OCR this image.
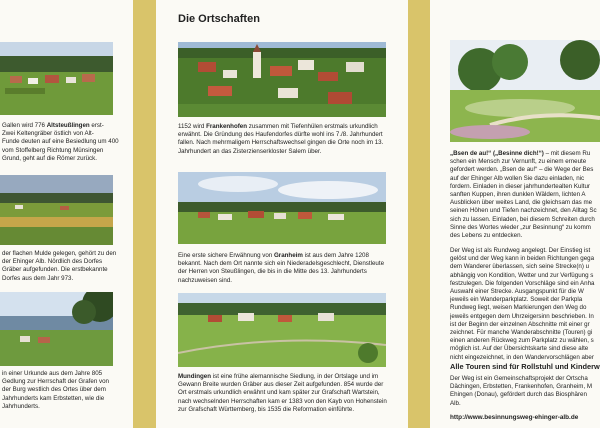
Gallen wird 776 Altsteußlingen erst-
Zwei Keltengräber östlich von Alt-
Funde deuten auf eine Besiedlung um 400
vom Stoffelberg Richtung Münsingen
Grund, geht auf die Römer zurück.

der flachen Mulde gelegen, gehört zu den
der Ehinger Alb. Nördlich des Dorfes
Gräber aufgefunden. Die erstbekannte
Dorfes aus dem Jahr 973.

in einer Urkunde aus dem Jahre 805
Gedlung zur Herrschaft der Grafen von
der Burg westlich des Ortes über dem
Jahrhunderts kam Erbstetten, wie die
Jahrhunderts.

Die Ortschaften

1152 wird Frankenhofen zusammen mit Tiefenhülen erstmals urkundlich erwähnt. Die Gründung des Haufendorfes dürfte wohl ins 7./8. Jahrhundert fallen. Nach mehrmaligem Herrschaftswechsel gingen die Orte noch im 13. Jahrhundert an das Zisterzienserkloster Salem über.

Eine erste sichere Erwähnung von Granheim ist aus dem Jahre 1208 bekannt. Nach dem Ort nannte sich ein Niederadelsgeschlecht, Dienstleute der Herren von Steußlingen, die bis in die Mitte des 13. Jahrhunderts nachzuweisen sind.

Mundingen ist eine frühe alemannische Siedlung, in der Ortslage und im Gewann Breite wurden Gräber aus dieser Zeit aufgefunden. 854 wurde der Ort erstmals urkundlich erwähnt und kam später zur Grafschaft Wartstein, nach wechselnden Herrschaften kam er 1383 von den Kayb von Hohenstein zur Grafschaft Württemberg, bis 1535 die Reformation einführte.

„Bsen de au!“ („Besinne dich!“) – mit diesem Ru
schen ein Mensch zur Vernunft, zu einem erneute
gefordert werden. „Bsen de au!“ – die Wege der Bes
auf der Ehinger Alb wollen Sie dazu einladen, nic
fordern. Einladen in dieser jahrhundertealten Kultur
sanften Kuppen, ihren dunklen Wäldern, lichten A
Ausblicken über weites Land, die gleichsam das me
seinen Höhen und Tiefen nachzeichnet, den Alltag Sc
sich zu lassen. Einladen, bei diesem Schreiten durch
Sinne des Wortes wieder „zur Besinnung“ zu komm
des Lebens zu entdecken.

Der Weg ist als Rundweg angelegt. Der Einstieg ist
gelöst und der Weg kann in beiden Richtungen gega
dem Wanderer überlassen, sich seine Strecke(n) u
abhängig von Kondition, Wetter und zur Verfügung s
festzulegen. Die folgenden Vorschläge sind ein Anha
Auswahl einer Strecke. Ausgangspunkt für die W
jeweils ein Wanderparkplatz. Soweit der Parkpla
Rundweg liegt, weisen Markierungen den Weg do
jeweils entgegen dem Uhrzeigersinn beschrieben. In
ist der Beginn der einzelnen Abschnitte mit einer gr
zeichnet. Für manche Wanderabschnitte (Touren) gi
einen anderen Rückweg zum Parkplatz zu wählen, s
möglich ist. Auf der Übersichtskarte sind diese alte
nicht eingezeichnet, in den Wandervorschlägen aber

Alle Touren sind für Rollstuhl und Kinderw

Der Weg ist ein Gemeinschaftsprojekt der Ortscha
Dächingen, Erbstetten, Frankenhofen, Granheim, M
Ehingen (Donau), gefördert durch das Biosphären
Alb.

http://www.besinnungsweg-ehinger-alb.de
